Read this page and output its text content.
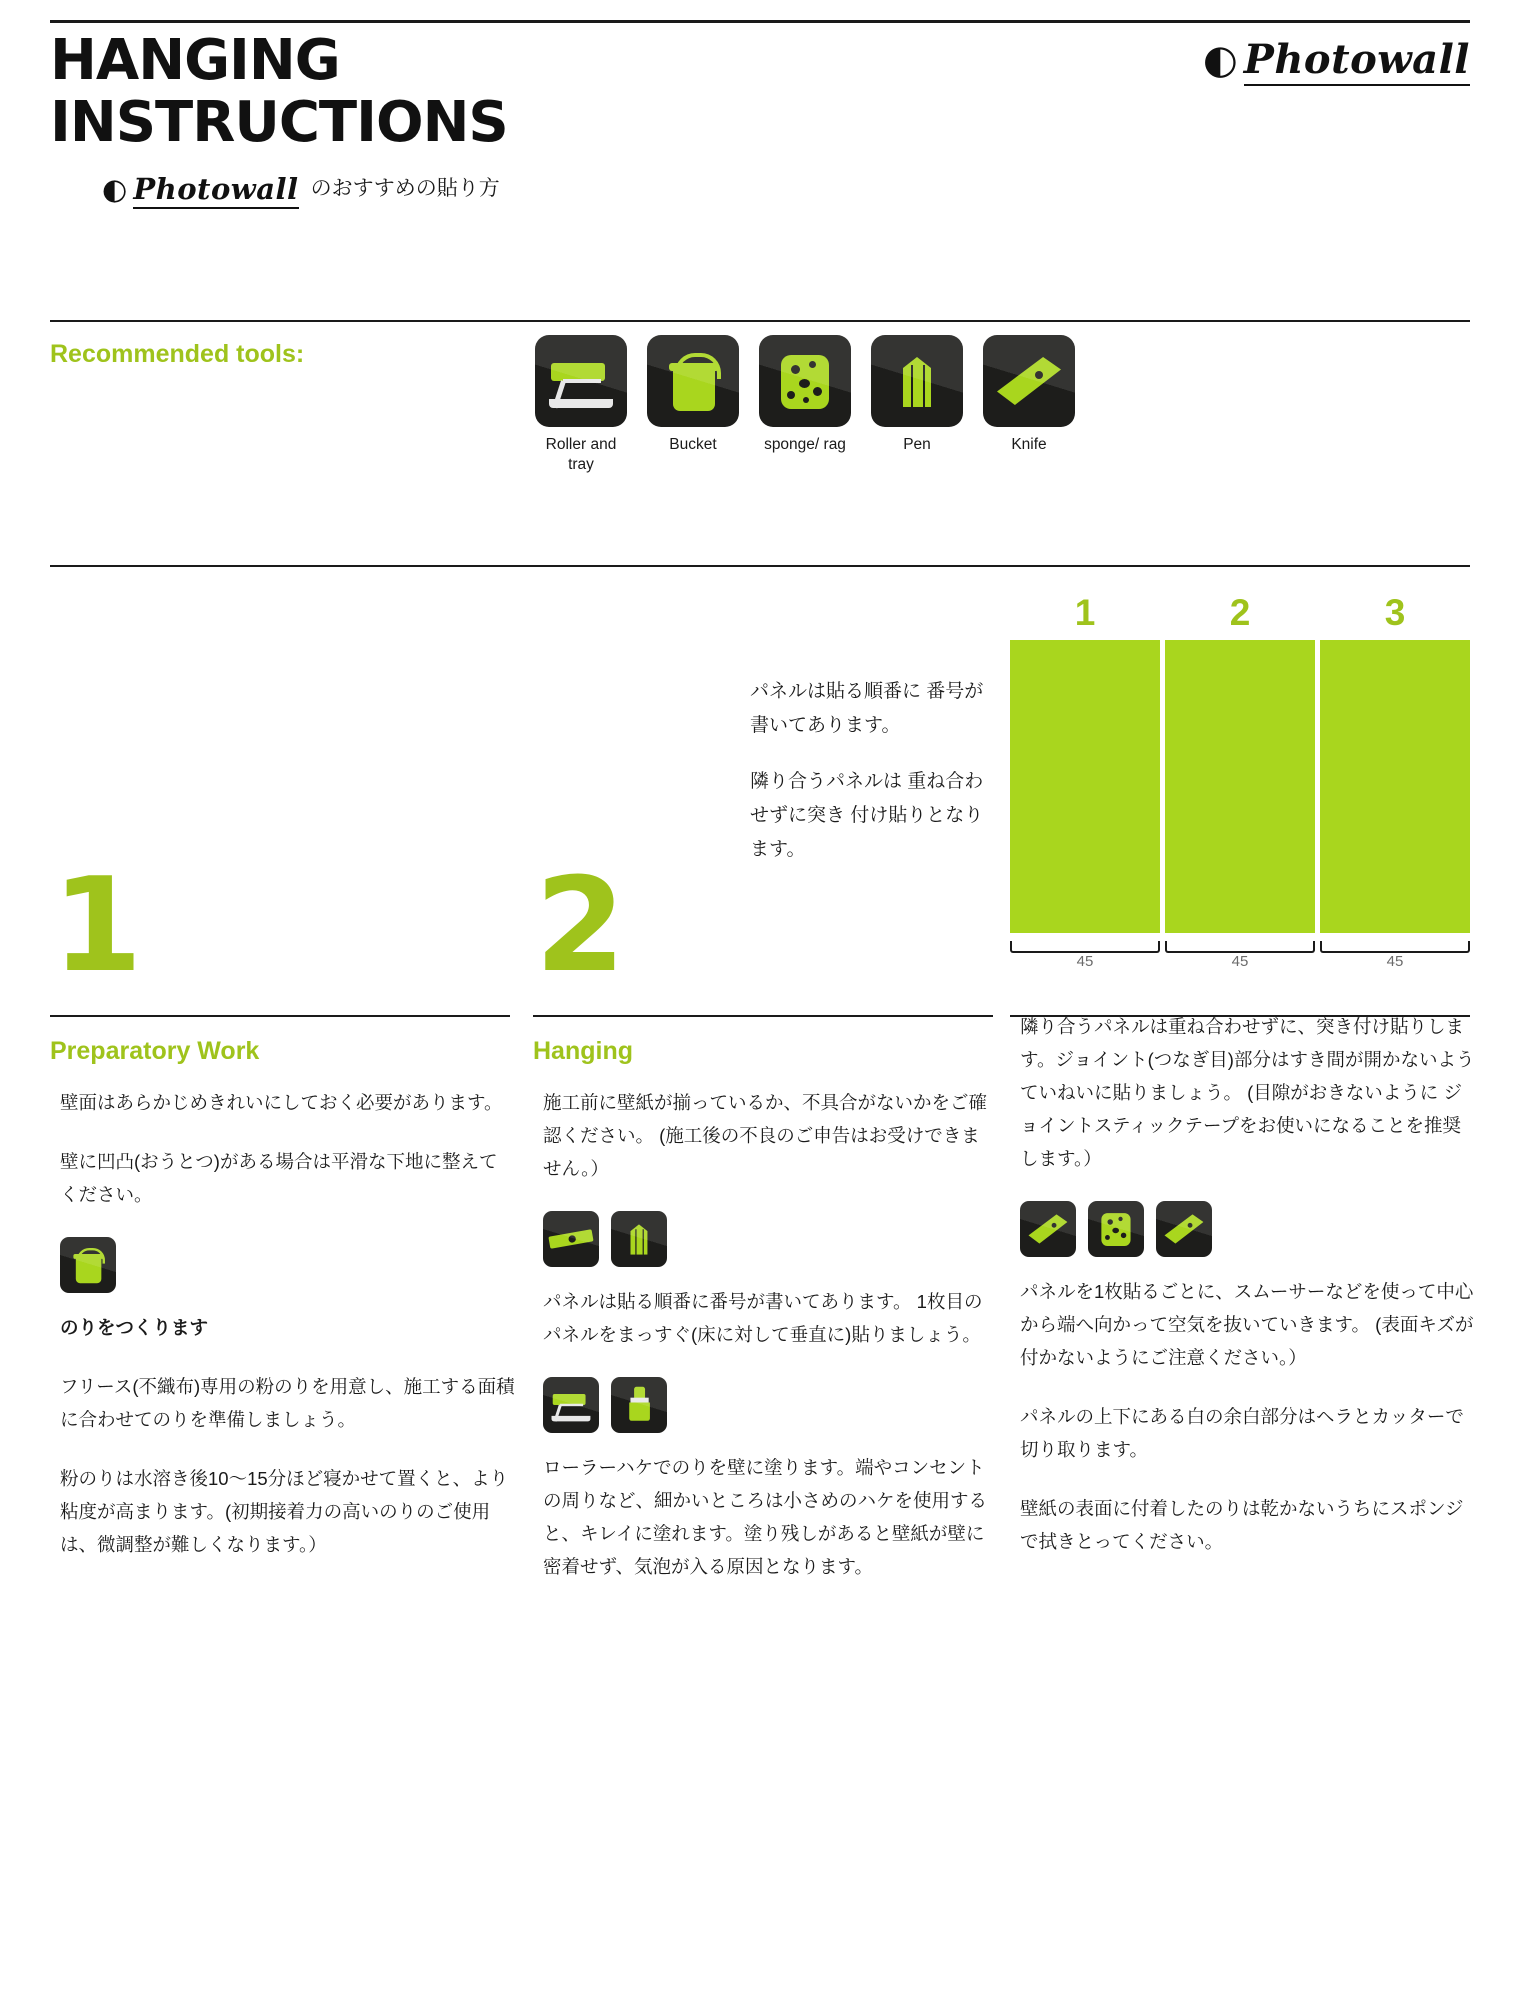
◐ Photowall
HANGING
INSTRUCTIONS
◐ Photowall のおすすめの貼り方
Recommended tools:
Roller and tray
Bucket	sponge/ rag	Pen	Knife

パネルは貼る順番に 番号が書いてあります。

隣り合うパネルは 重ね合わせずに突き 付け貼りとなります。

1	2	3
45	45	45
1	2
Preparatory Work

壁面はあらかじめきれいにしておく必要があります。

壁に凹凸(おうとつ)がある場合は平滑な下地に整えてください。

のりをつくります

フリース(不織布)専用の粉のりを用意し、施工する面積に合わせてのりを準備しましょう。

粉のりは水溶き後10〜15分ほど寝かせて置くと、より粘度が高まります。(初期接着力の高いのりのご使用は、微調整が難しくなります。）

Hanging

施工前に壁紙が揃っているか、不具合がないかをご確認ください。 (施工後の不良のご申告はお受けできません。）

パネルは貼る順番に番号が書いてあります。 1枚目のパネルをまっすぐ(床に対して垂直に)貼りましょう。

ローラーハケでのりを壁に塗ります。端やコンセントの周りなど、細かいところは小さめのハケを使用すると、キレイに塗れます。塗り残しがあると壁紙が壁に密着せず、気泡が入る原因となります。

隣り合うパネルは重ね合わせずに、突き付け貼りします。ジョイント(つなぎ目)部分はすき間が開かないようていねいに貼りましょう。 (目隙がおきないように ジョイントスティックテープをお使いになることを推奨します。）

パネルを1枚貼るごとに、スムーサーなどを使って中心から端へ向かって空気を抜いていきます。 (表面キズが付かないようにご注意ください。）

パネルの上下にある白の余白部分はヘラとカッターで切り取ります。

壁紙の表面に付着したのりは乾かないうちにスポンジで拭きとってください。
